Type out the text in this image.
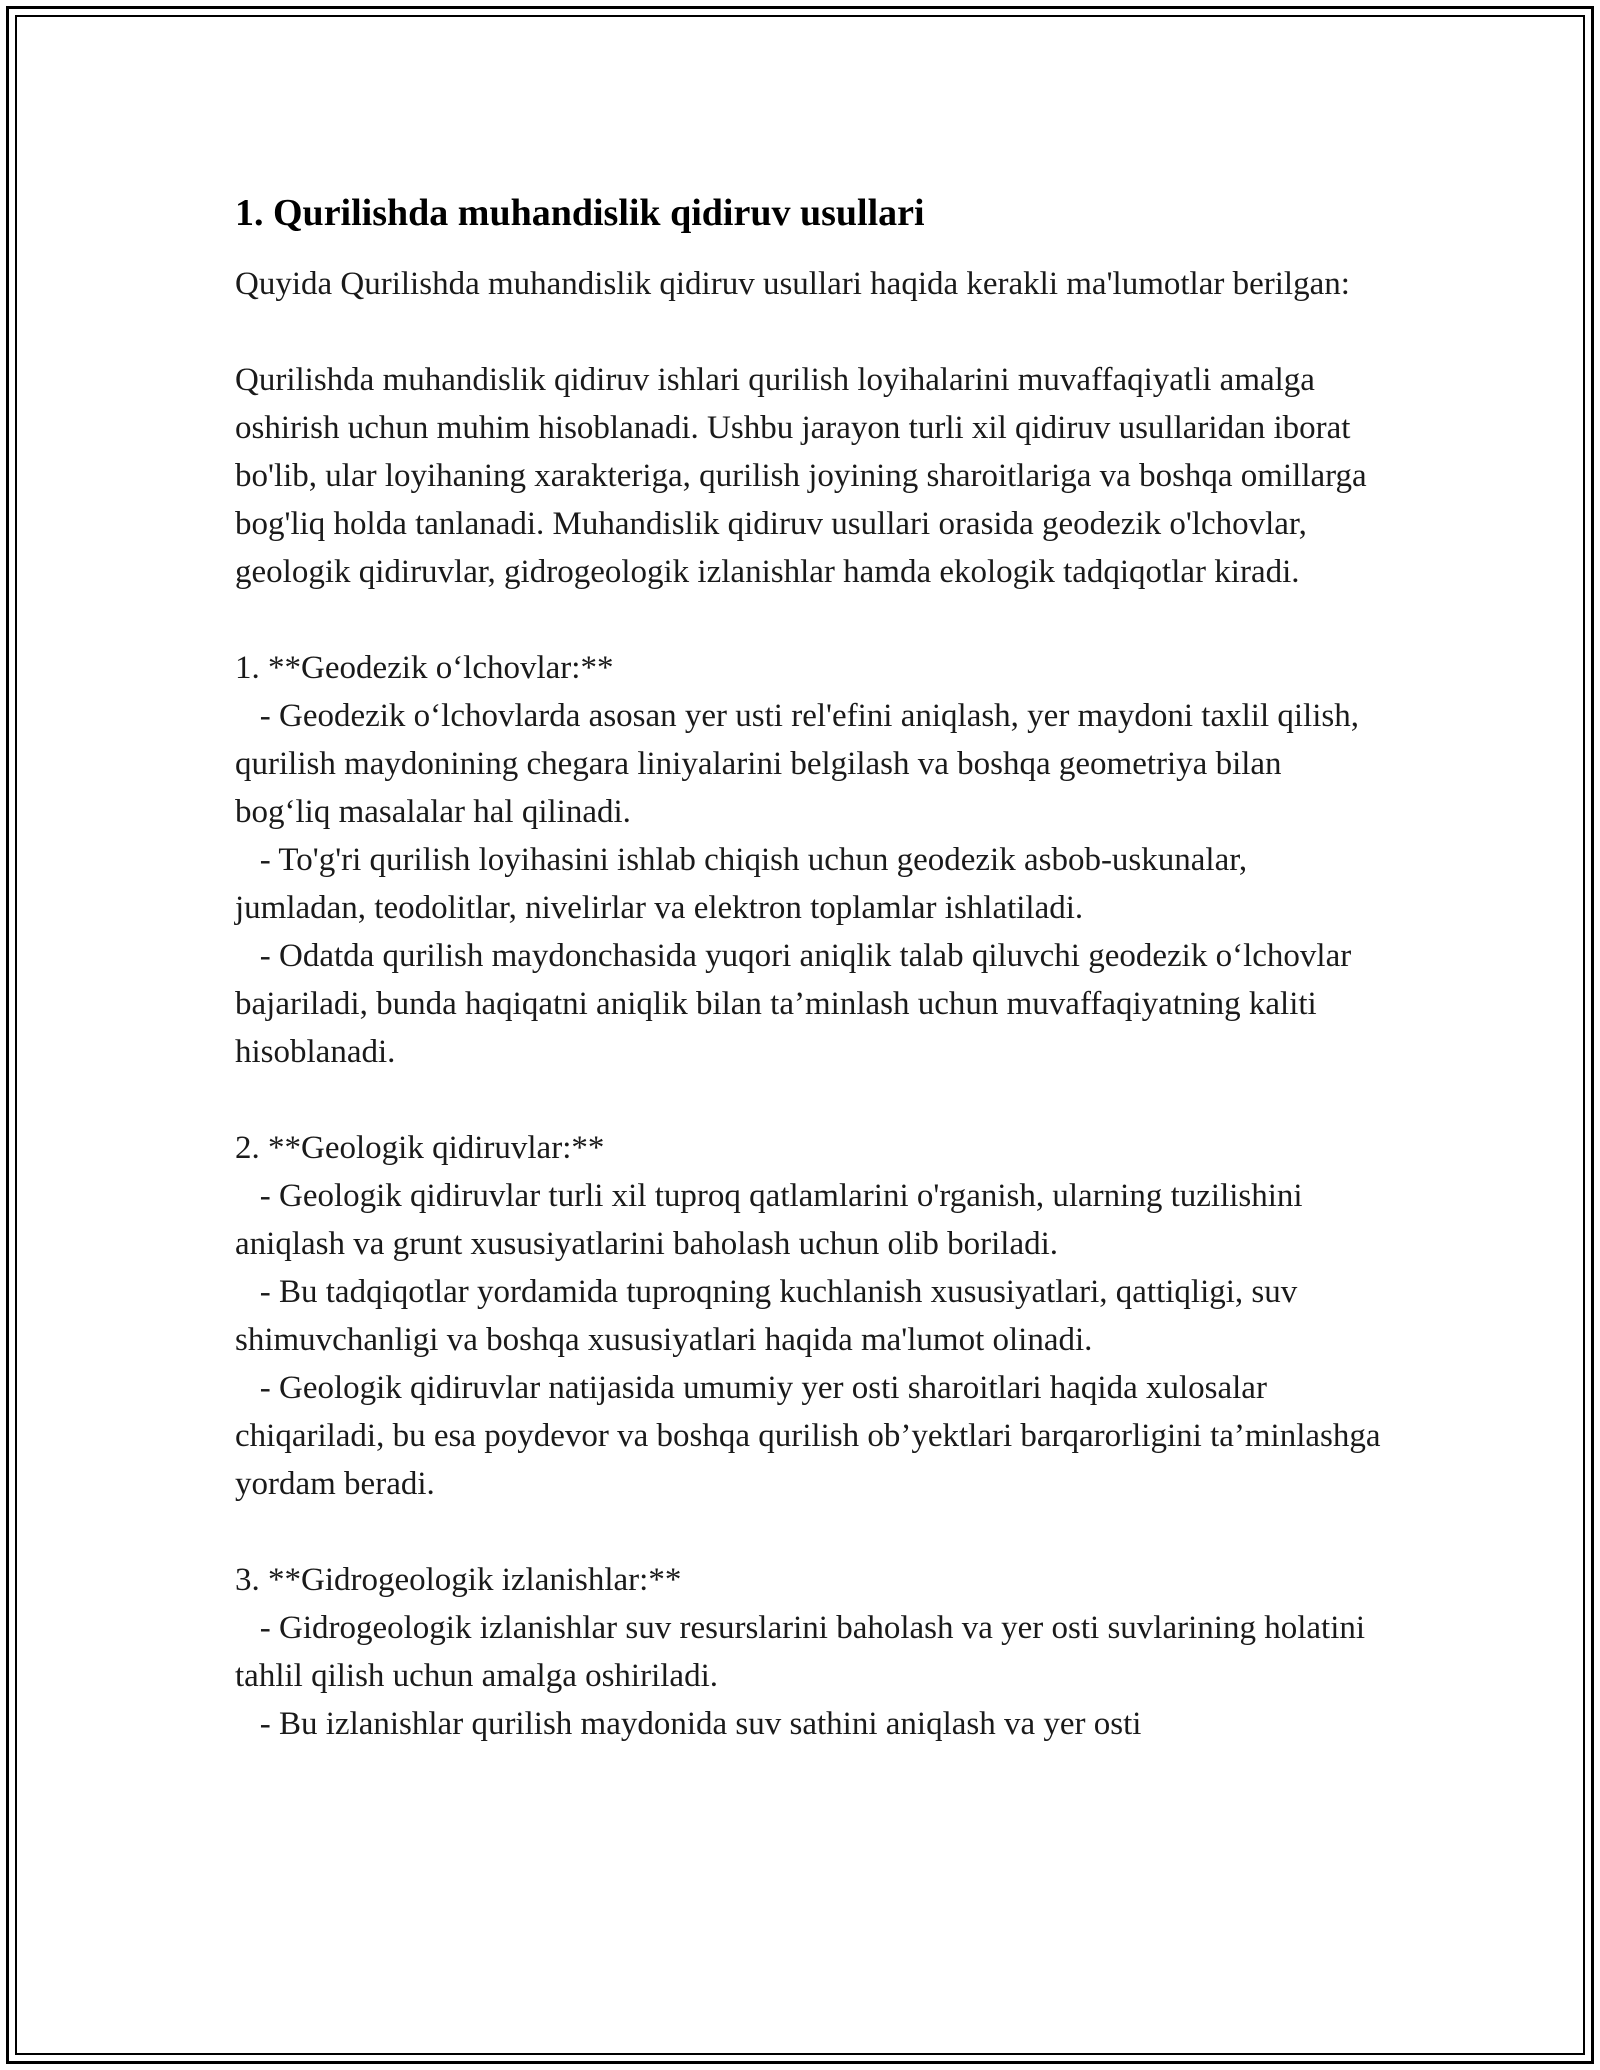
1. Qurilishda muhandislik qidiruv usullari

Quyida Qurilishda muhandislik qidiruv usullari haqida kerakli ma'lumotlar berilgan:

Qurilishda muhandislik qidiruv ishlari qurilish loyihalarini muvaffaqiyatli amalga oshirish uchun muhim hisoblanadi. Ushbu jarayon turli xil qidiruv usullaridan iborat bo'lib, ular loyihaning xarakteriga, qurilish joyining sharoitlariga va boshqa omillarga bog'liq holda tanlanadi. Muhandislik qidiruv usullari orasida geodezik o'lchovlar, geologik qidiruvlar, gidrogeologik izlanishlar hamda ekologik tadqiqotlar kiradi.

1. **Geodezik o‘lchovlar:**

- Geodezik o‘lchovlarda asosan yer usti rel'efini aniqlash, yer maydoni taxlil qilish, qurilish maydonining chegara liniyalarini belgilash va boshqa geometriya bilan bog‘liq masalalar hal qilinadi.

- To'g'ri qurilish loyihasini ishlab chiqish uchun geodezik asbob-uskunalar, jumladan, teodolitlar, nivelirlar va elektron toplamlar ishlatiladi.

- Odatda qurilish maydonchasida yuqori aniqlik talab qiluvchi geodezik o‘lchovlar bajariladi, bunda haqiqatni aniqlik bilan ta’minlash uchun muvaffaqiyatning kaliti hisoblanadi.

2. **Geologik qidiruvlar:**

- Geologik qidiruvlar turli xil tuproq qatlamlarini o'rganish, ularning tuzilishini aniqlash va grunt xususiyatlarini baholash uchun olib boriladi.

- Bu tadqiqotlar yordamida tuproqning kuchlanish xususiyatlari, qattiqligi, suv shimuvchanligi va boshqa xususiyatlari haqida ma'lumot olinadi.

- Geologik qidiruvlar natijasida umumiy yer osti sharoitlari haqida xulosalar chiqariladi, bu esa poydevor va boshqa qurilish ob’yektlari barqarorligini ta’minlashga yordam beradi.

3. **Gidrogeologik izlanishlar:**

- Gidrogeologik izlanishlar suv resurslarini baholash va yer osti suvlarining holatini tahlil qilish uchun amalga oshiriladi.

- Bu izlanishlar qurilish maydonida suv sathini aniqlash va yer osti
